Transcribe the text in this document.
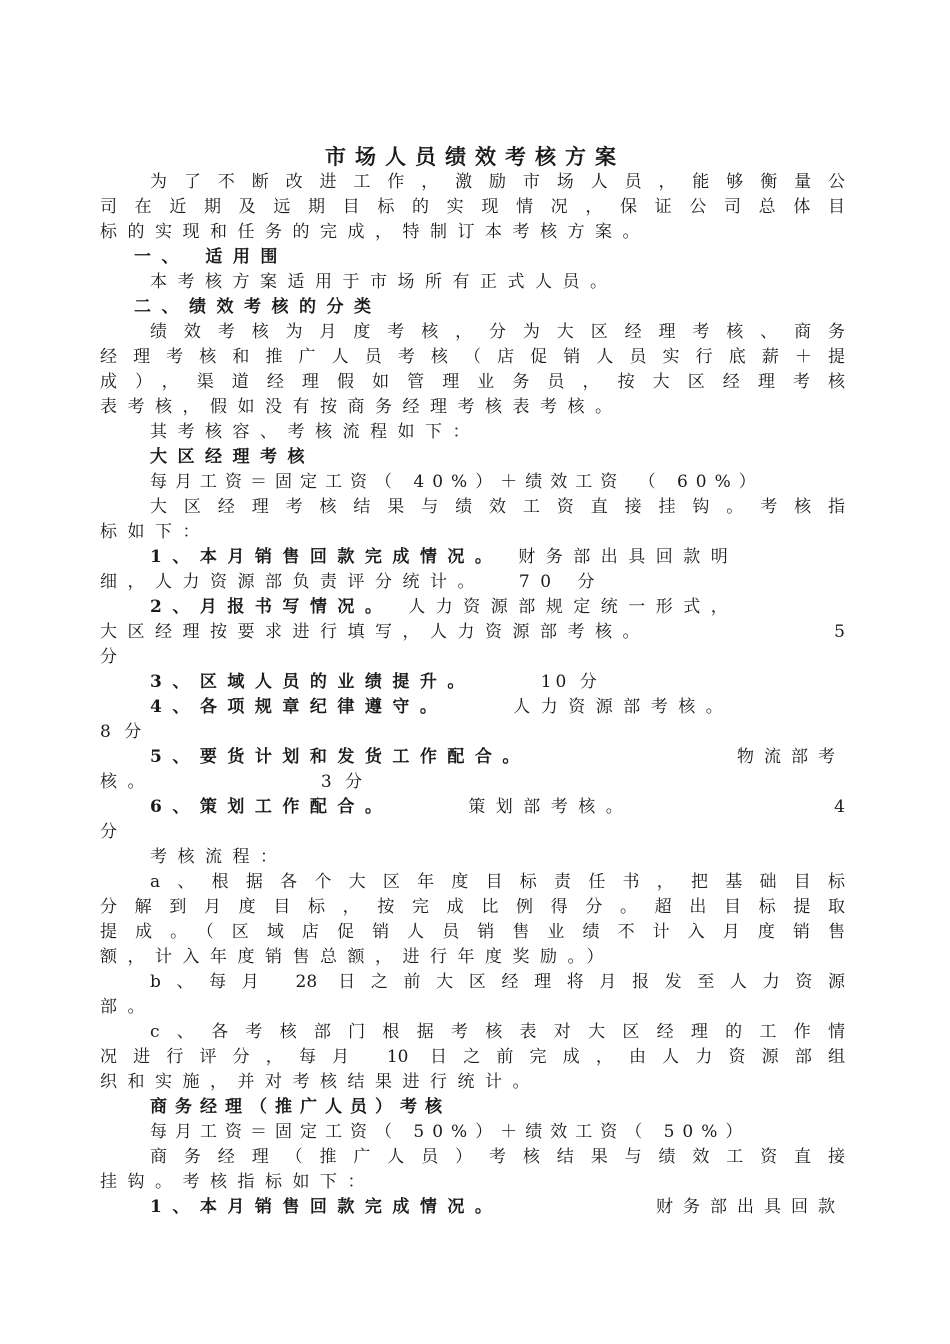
市场人员绩效考核方案
为了不断改进工作，激励市场人员，能够衡量公
司在近期及远期目标的实现情况，保证公司总体目
标的实现和任务的完成，特制订本考核方案。
一、 适用围
本考核方案适用于市场所有正式人员。
二、绩效考核的分类
绩效考核为月度考核，分为大区经理考核、商务
经理考核和推广人员考核（店促销人员实行底薪＋提
成），渠道经理假如管理业务员，按大区经理考核
表考核，假如没有按商务经理考核表考核。
其考核容、考核流程如下：
大区经理考核
每月工资＝固定工资（ 40%）＋绩效工资 （ 60%）
大区经理考核结果与绩效工资直接挂钩。考核指
标如下：
1、本月销售回款完成情况。 财务部出具回款明
细，人力资源部负责评分统计。 70 分
2、月报书写情况。 人力资源部规定统一形式，
大区经理按要求进行填写，人力资源部考核。	5
分
3、区域人员的业绩提升。	10 分
4、各项规章纪律遵守。	人力资源部考核。
8 分
5、要货计划和发货工作配合。	物流部考
核。	3 分
6、策划工作配合。	策划部考核。	4
分
考核流程：
a、根据各个大区年度目标责任书，把基础目标
分解到月度目标，按完成比例得分。超出目标提取
提成。（区域店促销人员销售业绩不计入月度销售
额，计入年度销售总额，进行年度奖励。）
b、每月 28 日之前大区经理将月报发至人力资源
部。
c、各考核部门根据考核表对大区经理的工作情
况进行评分，每月 10 日之前完成，由人力资源部组
织和实施，并对考核结果进行统计。
商务经理（推广人员）考核
每月工资＝固定工资（ 50%）＋绩效工资（ 50%）
商务经理（推广人员）考核结果与绩效工资直接
挂钩。考核指标如下：
1、本月销售回款完成情况。	财务部出具回款
